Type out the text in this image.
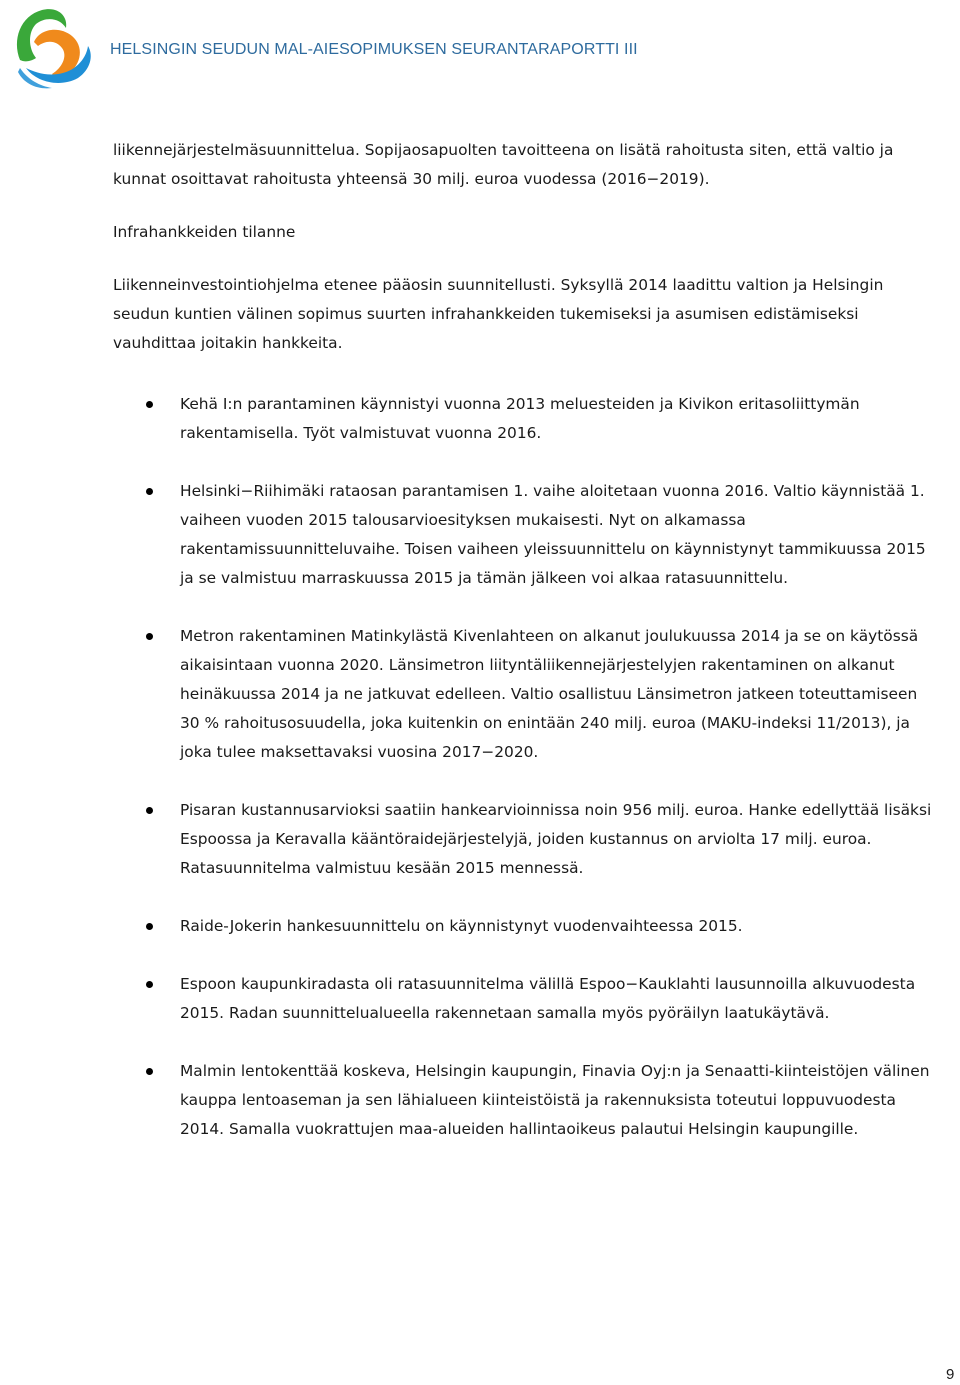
HELSINGIN SEUDUN MAL-AIESOPIMUKSEN SEURANTARAPORTTI III

liikennejärjestelmäsuunnittelua. Sopijaosapuolten tavoitteena on lisätä rahoitusta siten, että valtio ja kunnat osoittavat rahoitusta yhteensä 30 milj. euroa vuodessa (2016−2019).

Infrahankkeiden tilanne

Liikenneinvestointiohjelma etenee pääosin suunnitellusti. Syksyllä 2014 laadittu valtion ja Helsingin seudun kuntien välinen sopimus suurten infrahankkeiden tukemiseksi ja asumisen edistämiseksi vauhdittaa joitakin hankkeita.

Kehä I:n parantaminen käynnistyi vuonna 2013 meluesteiden ja Kivikon eritasoliittymän rakentamisella. Työt valmistuvat vuonna 2016.
Helsinki−Riihimäki rataosan parantamisen 1. vaihe aloitetaan vuonna 2016. Valtio käynnistää 1. vaiheen vuoden 2015 talousarvioesityksen mukaisesti. Nyt on alkamassa rakentamissuunnitteluvaihe. Toisen vaiheen yleissuunnittelu on käynnistynyt tammikuussa 2015 ja se valmistuu marraskuussa 2015 ja tämän jälkeen voi alkaa ratasuunnittelu.
Metron rakentaminen Matinkylästä Kivenlahteen on alkanut joulukuussa 2014 ja se on käytössä aikaisintaan vuonna 2020. Länsimetron liityntäliikennejärjestelyjen rakentaminen on alkanut heinäkuussa 2014 ja ne jatkuvat edelleen. Valtio osallistuu Länsimetron jatkeen toteuttamiseen 30 % rahoitusosuudella, joka kuitenkin on enintään 240 milj. euroa (MAKU-indeksi 11/2013), ja joka tulee maksettavaksi vuosina 2017−2020.
Pisaran kustannusarvioksi saatiin hankearvioinnissa noin 956 milj. euroa. Hanke edellyttää lisäksi Espoossa ja Keravalla kääntöraidejärjestelyjä, joiden kustannus on arviolta 17 milj. euroa. Ratasuunnitelma valmistuu kesään 2015 mennessä.
Raide-Jokerin hankesuunnittelu on käynnistynyt vuodenvaihteessa 2015.
Espoon kaupunkiradasta oli ratasuunnitelma välillä Espoo−Kauklahti lausunnoilla alkuvuodesta 2015. Radan suunnittelualueella rakennetaan samalla myös pyöräilyn laatukäytävä.
Malmin lentokenttää koskeva, Helsingin kaupungin, Finavia Oyj:n ja Senaatti-kiinteistöjen välinen kauppa lentoaseman ja sen lähialueen kiinteistöistä ja rakennuksista toteutui loppuvuodesta 2014. Samalla vuokrattujen maa-alueiden hallintaoikeus palautui Helsingin kaupungille.
9
